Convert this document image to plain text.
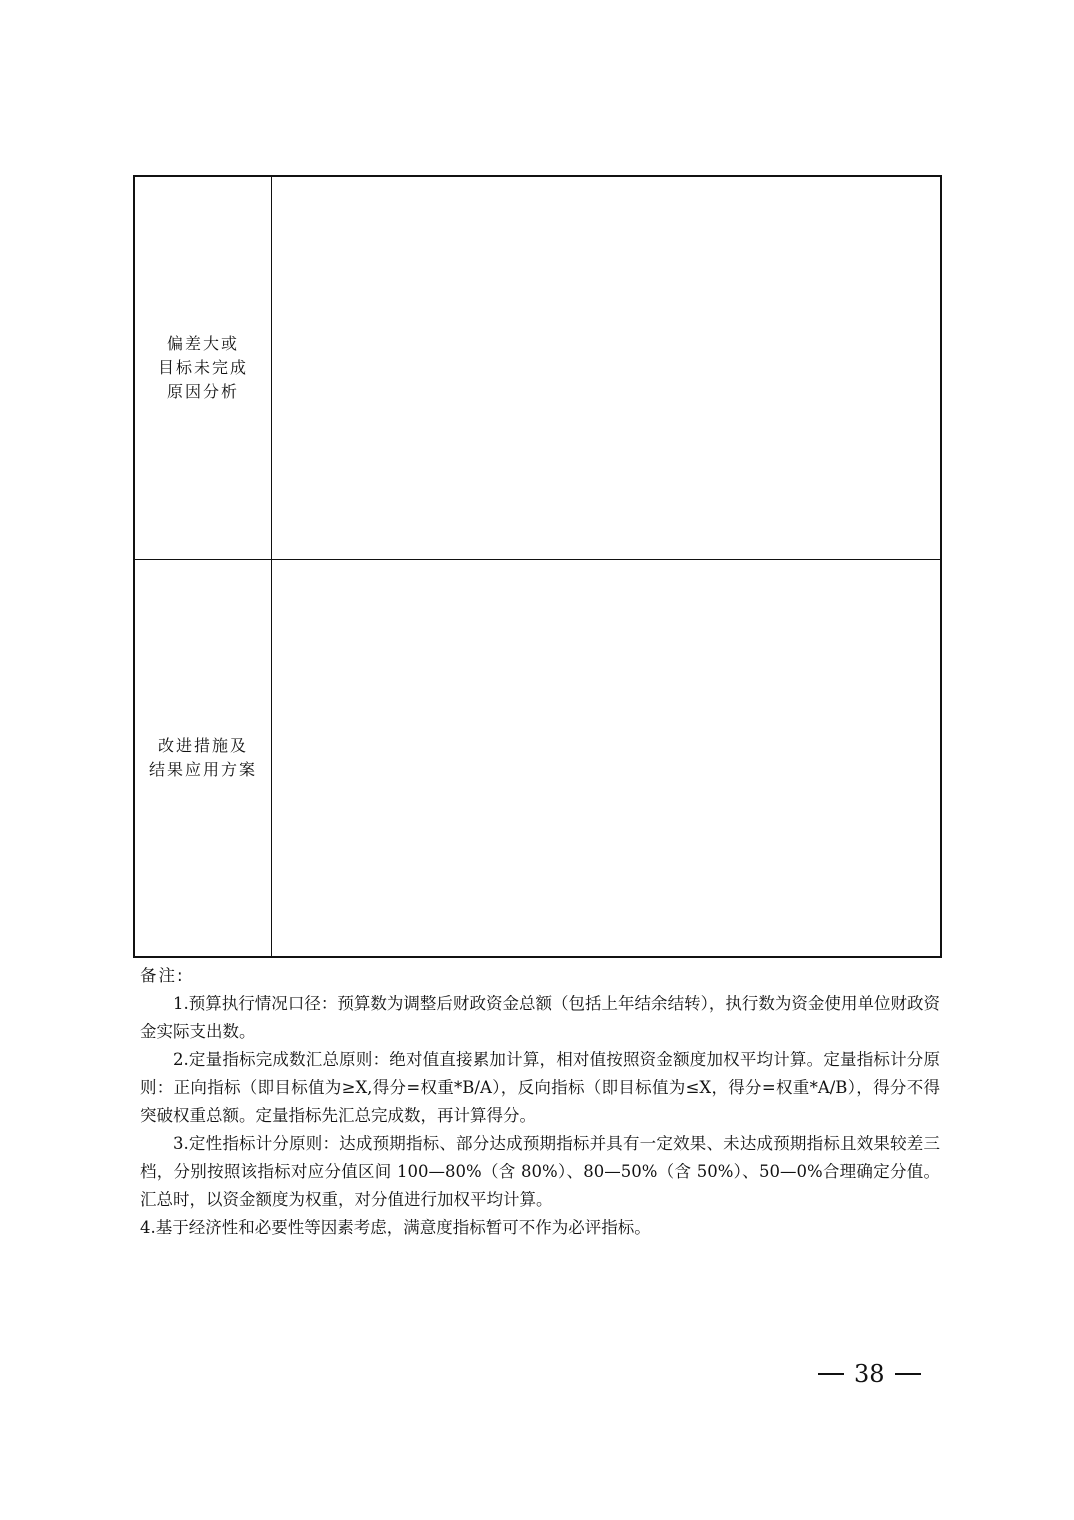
偏差大或
目标未完成
原因分析
改进措施及
结果应用方案

备注:

1.预算执行情况口径：预算数为调整后财政资金总额（包括上年结余结转），执行数为资金使用单位财政资金实际支出数。

2.定量指标完成数汇总原则：绝对值直接累加计算，相对值按照资金额度加权平均计算。定量指标计分原则：正向指标（即目标值为≥X,得分=权重*B/A），反向指标（即目标值为≤X，得分=权重*A/B），得分不得突破权重总额。定量指标先汇总完成数，再计算得分。

3.定性指标计分原则：达成预期指标、部分达成预期指标并具有一定效果、未达成预期指标且效果较差三档，分别按照该指标对应分值区间 100—80%（含 80%）、80—50%（含 50%）、50—0%合理确定分值。汇总时，以资金额度为权重，对分值进行加权平均计算。

4.基于经济性和必要性等因素考虑，满意度指标暂可不作为必评指标。

38
